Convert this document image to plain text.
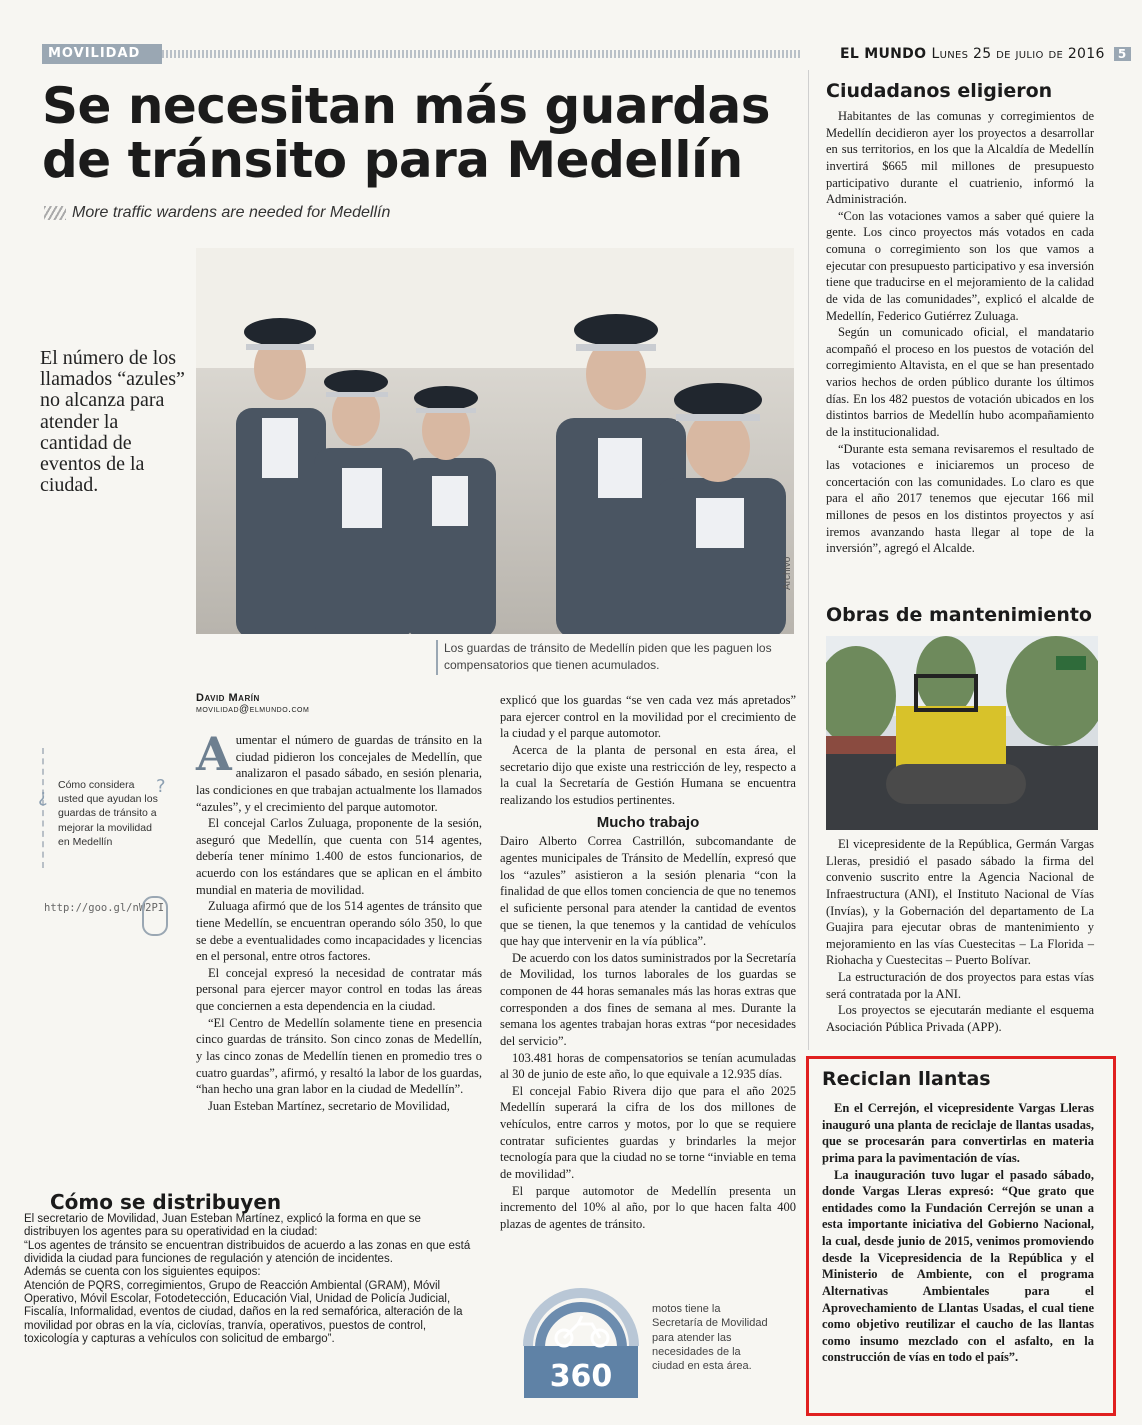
MOVILIDAD	EL MUNDO Lunes 25 de julio de 2016 5
Se necesitan más guardas de tránsito para Medellín
More traffic wardens are needed for Medellín
El número de los llamados “azules” no alcanza para atender la cantidad de eventos de la ciudad.
Archivo
Los guardas de tránsito de Medellín piden que les paguen los compensatorios que tienen acumulados.
David Marín
movilidad@elmundo.com
A umentar el número de guardas de tránsito en la ciudad pidieron los concejales de Medellín, que analizaron el pasado sábado, en sesión plenaria, las condiciones en que trabajan actualmente los llamados “azules”, y el crecimiento del parque automotor.

El concejal Carlos Zuluaga, proponente de la sesión, aseguró que Medellín, que cuenta con 514 agentes, debería tener mínimo 1.400 de estos funcionarios, de acuerdo con los estándares que se aplican en el ámbito mundial en materia de movilidad.

Zuluaga afirmó que de los 514 agentes de tránsito que tiene Medellín, se encuentran operando sólo 350, lo que se debe a eventualidades como incapacidades y licencias en el personal, entre otros factores.

El concejal expresó la necesidad de contratar más personal para ejercer mayor control en todas las áreas que conciernen a esta dependencia en la ciudad.

“El Centro de Medellín solamente tiene en presencia cinco guardas de tránsito. Son cinco zonas de Medellín, y las cinco zonas de Medellín tienen en promedio tres o cuatro guardas”, afirmó, y resaltó la labor de los guardas, “han hecho una gran labor en la ciudad de Medellín”.

Juan Esteban Martínez, secretario de Movilidad,

explicó que los guardas “se ven cada vez más apretados” para ejercer control en la movilidad por el crecimiento de la ciudad y el parque automotor.

Acerca de la planta de personal en esta área, el secretario dijo que existe una restricción de ley, respecto a la cual la Secretaría de Gestión Humana se encuentra realizando los estudios pertinentes.

Mucho trabajo

Dairo Alberto Correa Castrillón, subcomandante de agentes municipales de Tránsito de Medellín, expresó que los “azules” asistieron a la sesión plenaria “con la finalidad de que ellos tomen conciencia de que no tenemos el suficiente personal para atender la cantidad de eventos que se tienen, la que tenemos y la cantidad de vehículos que hay que intervenir en la vía pública”.

De acuerdo con los datos suministrados por la Secretaría de Movilidad, los turnos laborales de los guardas se componen de 44 horas semanales más las horas extras que corresponden a dos fines de semana al mes. Durante la semana los agentes trabajan horas extras “por necesidades del servicio”.

103.481 horas de compensatorios se tenían acumuladas al 30 de junio de este año, lo que equivale a 12.935 días.

El concejal Fabio Rivera dijo que para el año 2025 Medellín superará la cifra de los dos millones de vehículos, entre carros y motos, por lo que se requiere contratar suficientes guardas y brindarles la mejor tecnología para que la ciudad no se torne “inviable en tema de movilidad”.

El parque automotor de Medellín presenta un incremento del 10% al año, por lo que hacen falta 400 plazas de agentes de tránsito.

¿	?
Cómo considera usted que ayudan los guardas de tránsito a mejorar la movilidad en Medellín
http://goo.gl/nW2PI
Cómo se distribuyen

El secretario de Movilidad, Juan Esteban Martínez, explicó la forma en que se distribuyen los agentes para su operatividad en la ciudad:

“Los agentes de tránsito se encuentran distribuidos de acuerdo a las zonas en que está dividida la ciudad para funciones de regulación y atención de incidentes.

Además se cuenta con los siguientes equipos:

Atención de PQRS, corregimientos, Grupo de Reacción Ambiental (GRAM), Móvil Operativo, Móvil Escolar, Fotodetección, Educación Vial, Unidad de Policía Judicial, Fiscalía, Informalidad, eventos de ciudad, daños en la red semafórica, alteración de la movilidad por obras en la vía, ciclovías, tranvía, operativos, puestos de control, toxicología y capturas a vehículos con solicitud de embargo”.

360
motos tiene la Secretaría de Movilidad para atender las necesidades de la ciudad en esta área.
Ciudadanos eligieron

Habitantes de las comunas y corregimientos de Medellín decidieron ayer los proyectos a desarrollar en sus territorios, en los que la Alcaldía de Medellín invertirá $665 mil millones de presupuesto participativo durante el cuatrienio, informó la Administración.

“Con las votaciones vamos a saber qué quiere la gente. Los cinco proyectos más votados en cada comuna o corregimiento son los que vamos a ejecutar con presupuesto participativo y esa inversión tiene que traducirse en el mejoramiento de la calidad de vida de las comunidades”, explicó el alcalde de Medellín, Federico Gutiérrez Zuluaga.

Según un comunicado oficial, el mandatario acompañó el proceso en los puestos de votación del corregimiento Altavista, en el que se han presentado varios hechos de orden público durante los últimos días. En los 482 puestos de votación ubicados en los distintos barrios de Medellín hubo acompañamiento de la institucionalidad.

“Durante esta semana revisaremos el resultado de las votaciones e iniciaremos un proceso de concertación con las comunidades. Lo claro es que para el año 2017 tenemos que ejecutar 166 mil millones de pesos en los distintos proyectos y así iremos avanzando hasta llegar al tope de la inversión”, agregó el Alcalde.

Obras de mantenimiento

El vicepresidente de la República, Germán Vargas Lleras, presidió el pasado sábado la firma del convenio suscrito entre la Agencia Nacional de Infraestructura (ANI), el Instituto Nacional de Vías (Invías), y la Gobernación del departamento de La Guajira para ejecutar obras de mantenimiento y mejoramiento en las vías Cuestecitas – La Florida – Riohacha y Cuestecitas – Puerto Bolívar.

La estructuración de dos proyectos para estas vías será contratada por la ANI.

Los proyectos se ejecutarán mediante el esquema Asociación Pública Privada (APP).

Reciclan llantas

En el Cerrejón, el vicepresidente Vargas Lleras inauguró una planta de reciclaje de llantas usadas, que se procesarán para convertirlas en materia prima para la pavimentación de vías.

La inauguración tuvo lugar el pasado sábado, donde Vargas Lleras expresó: “Que grato que entidades como la Fundación Cerrejón se unan a esta importante iniciativa del Gobierno Nacional, la cual, desde junio de 2015, venimos promoviendo desde la Vicepresidencia de la República y el Ministerio de Ambiente, con el programa Alternativas Ambientales para el Aprovechamiento de Llantas Usadas, el cual tiene como objetivo reutilizar el caucho de las llantas como insumo mezclado con el asfalto, en la construcción de vías en todo el país”.
